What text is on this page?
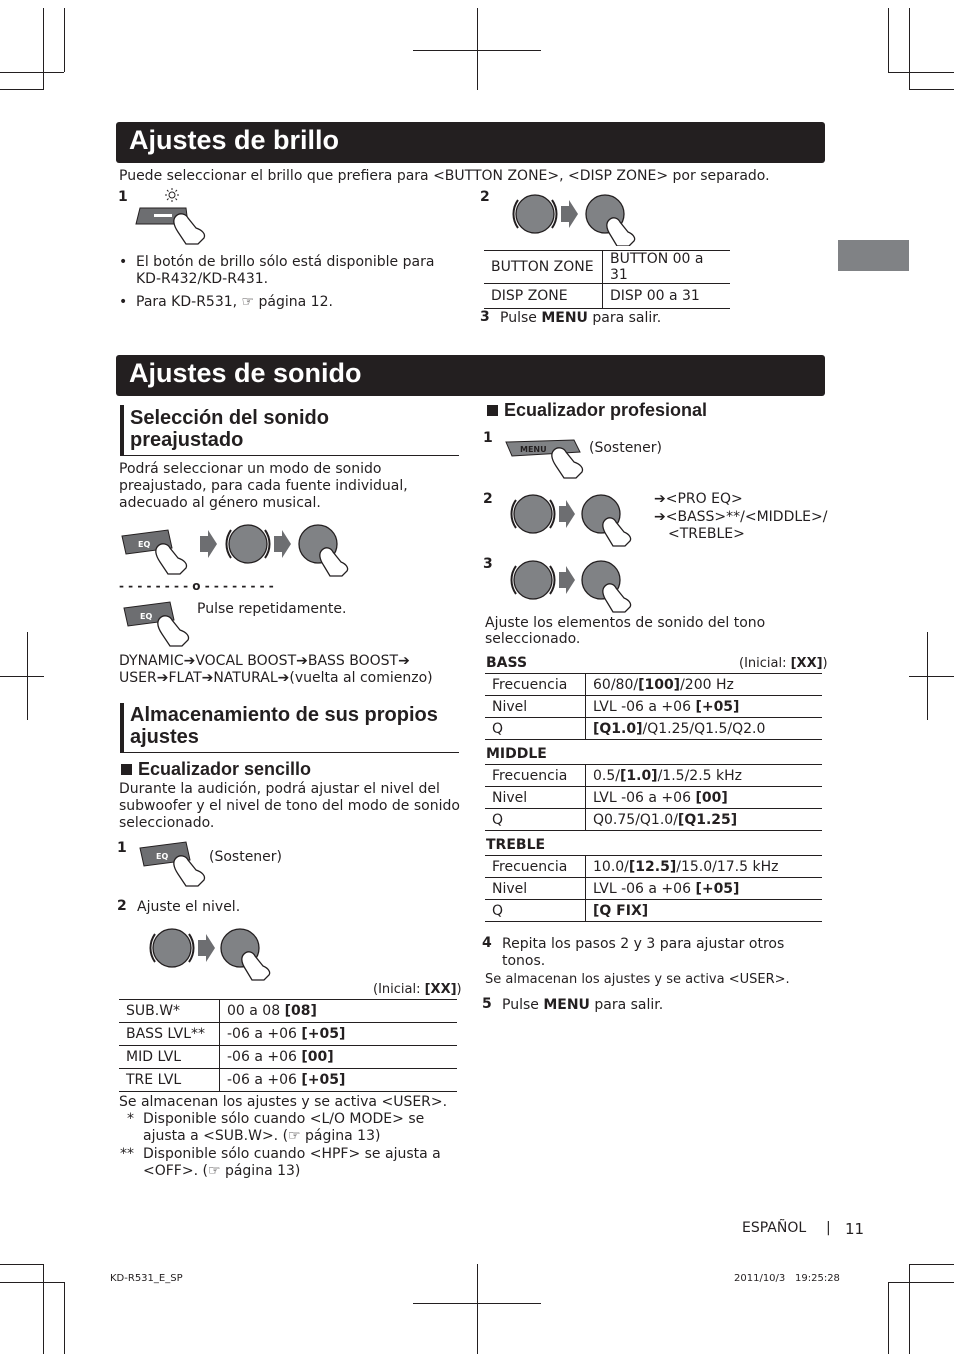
Ajustes de brillo
Puede seleccionar el brillo que prefiera para <BUTTON ZONE>, <DISP ZONE> por separado.
1
• El botón de brillo sólo está disponible para KD-R432/KD-R431.
• Para KD-R531, ☞ página 12.
2
BUTTON ZONE	BUTTON 00 a 31
DISP ZONE	DISP 00 a 31
3 Pulse MENU para salir.
Ajustes de sonido
Selección del sonido preajustado
Podrá seleccionar un modo de sonido preajustado, para cada fuente individual, adecuado al género musical.
EQ
- - - - - - - - o - - - - - - - -
EQ	Pulse repetidamente.
DYNAMIC➔VOCAL BOOST➔BASS BOOST➔
USER➔FLAT➔NATURAL➔(vuelta al comienzo)
Almacenamiento de sus propios ajustes
Ecualizador sencillo
Durante la audición, podrá ajustar el nivel del subwoofer y el nivel de tono del modo de sonido seleccionado.
1
EQ	(Sostener)
2 Ajuste el nivel.
(Inicial: [XX])
SUB.W*	00 a 08 [08]
BASS LVL**	-06 a +06 [+05]
MID LVL	-06 a +06 [00]
TRE LVL	-06 a +06 [+05]
Se almacenan los ajustes y se activa <USER>.
* Disponible sólo cuando <L/O MODE> se ajusta a <SUB.W>. (☞ página 13)
** Disponible sólo cuando <HPF> se ajusta a <OFF>. (☞ página 13)
Ecualizador profesional
1
MENU	(Sostener)
2	➔<PRO EQ>
➔<BASS>**/<MIDDLE>/
<TREBLE>
3
Ajuste los elementos de sonido del tono seleccionado.
BASS	(Inicial: [XX])
Frecuencia	60/80/[100]/200 Hz
Nivel	LVL -06 a +06 [+05]
Q	[Q1.0]/Q1.25/Q1.5/Q2.0
MIDDLE
Frecuencia	0.5/[1.0]/1.5/2.5 kHz
Nivel	LVL -06 a +06 [00]
Q	Q0.75/Q1.0/[Q1.25]
TREBLE
Frecuencia	10.0/[12.5]/15.0/17.5 kHz
Nivel	LVL -06 a +06 [+05]
Q	[Q FIX]
4 Repita los pasos 2 y 3 para ajustar otros tonos.
Se almacenan los ajustes y se activa <USER>.
5 Pulse MENU para salir.
ESPAÑOL | 11
KD-R531_E_SP	2011/10/3 19:25:28
